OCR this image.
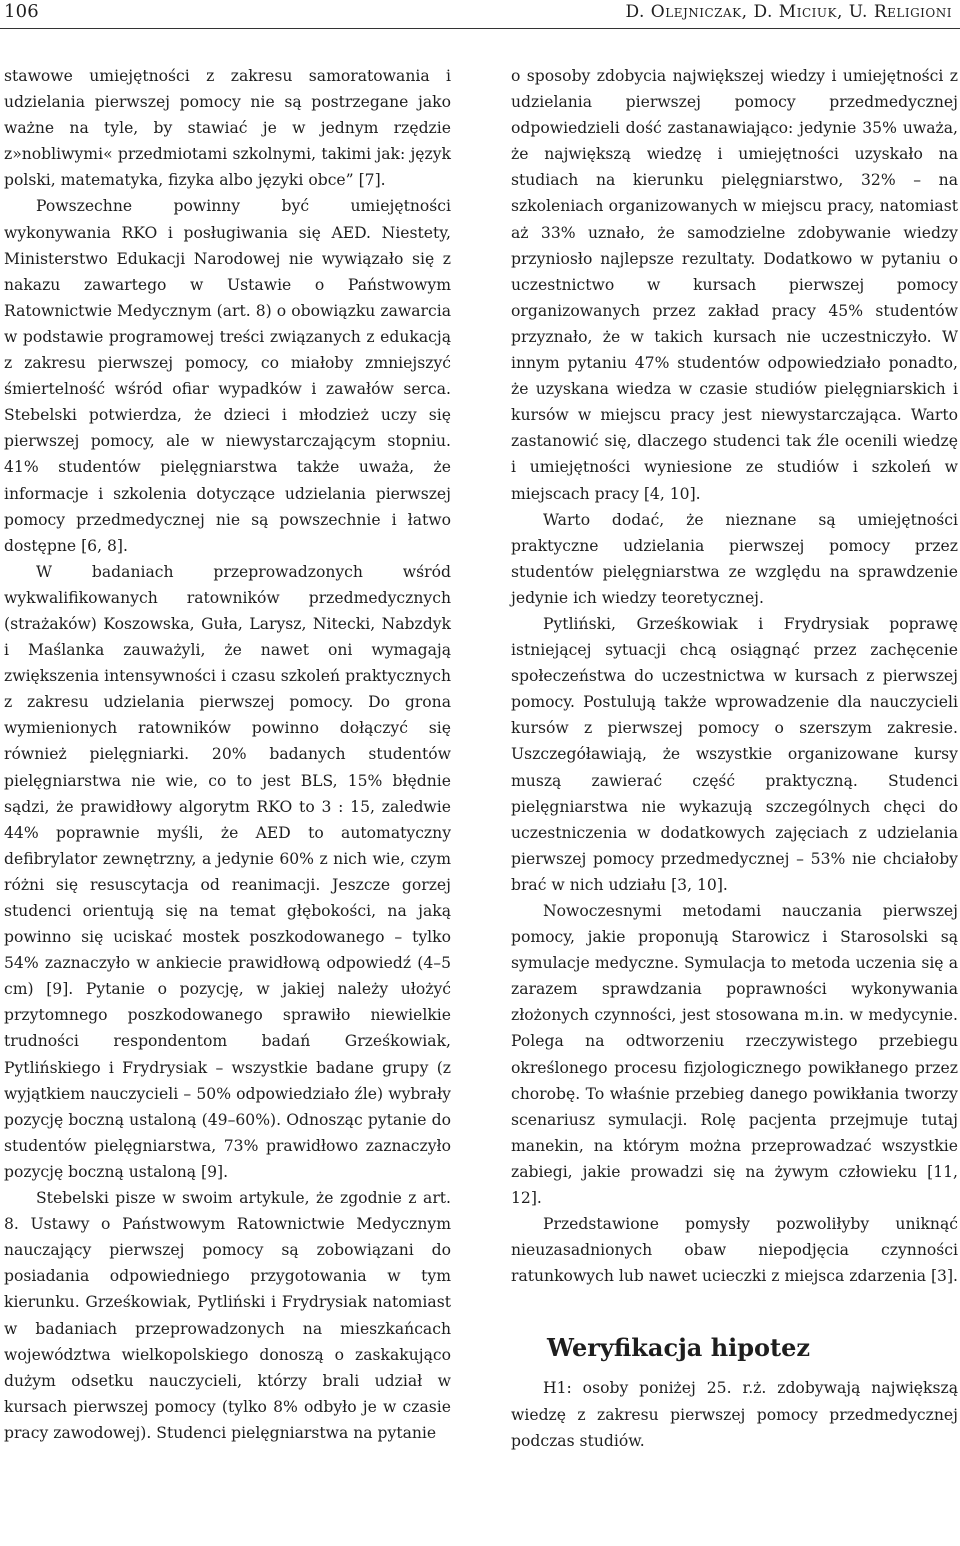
106	D. Olejniczak, D. Miciuk, U. Religioni

stawowe umiejętności z zakresu samoratowania i udzielania pierwszej pomocy nie są postrzegane jako ważne na tyle, by stawiać je w jednym rzędzie z»nobliwymi« przedmiotami szkolnymi, takimi jak: język polski, matematyka, fizyka albo języki obce” [7].

Powszechne powinny być umiejętności wykonywania RKO i posługiwania się AED. Niestety, Ministerstwo Edukacji Narodowej nie wywiązało się z nakazu zawartego w Ustawie o Państwowym Ratownictwie Medycznym (art. 8) o obowiązku zawarcia w podstawie programowej treści związanych z edukacją z zakresu pierwszej pomocy, co miałoby zmniejszyć śmiertelność wśród ofiar wypadków i zawałów serca. Stebelski potwierdza, że dzieci i młodzież uczy się pierwszej pomocy, ale w niewystarczającym stopniu. 41% studentów pielęgniarstwa także uważa, że informacje i szkolenia dotyczące udzielania pierwszej pomocy przedmedycznej nie są powszechnie i łatwo dostępne [6, 8].

W badaniach przeprowadzonych wśród wykwalifikowanych ratowników przedmedycznych (strażaków) Koszowska, Guła, Larysz, Nitecki, Nabzdyk i Maślanka zauważyli, że nawet oni wymagają zwiększenia intensywności i czasu szkoleń praktycznych z zakresu udzielania pierwszej pomocy. Do grona wymienionych ratowników powinno dołączyć się również pielęgniarki. 20% badanych studentów pielęgniarstwa nie wie, co to jest BLS, 15% błędnie sądzi, że prawidłowy algorytm RKO to 3 : 15, zaledwie 44% poprawnie myśli, że AED to automatyczny defibrylator zewnętrzny, a jedynie 60% z nich wie, czym różni się resuscytacja od reanimacji. Jeszcze gorzej studenci orientują się na temat głębokości, na jaką powinno się uciskać mostek poszkodowanego – tylko 54% zaznaczyło w ankiecie prawidłową odpowiedź (4–5 cm) [9]. Pytanie o pozycję, w jakiej należy ułożyć przytomnego poszkodowanego sprawiło niewielkie trudności respondentom badań Grześkowiak, Pytlińskiego i Frydrysiak – wszystkie badane grupy (z wyjątkiem nauczycieli – 50% odpowiedziało źle) wybrały pozycję boczną ustaloną (49–60%). Odnosząc pytanie do studentów pielęgniarstwa, 73% prawidłowo zaznaczyło pozycję boczną ustaloną [9].

Stebelski pisze w swoim artykule, że zgodnie z art. 8. Ustawy o Państwowym Ratownictwie Medycznym nauczający pierwszej pomocy są zobowiązani do posiadania odpowiedniego przygotowania w tym kierunku. Grześkowiak, Pytliński i Frydrysiak natomiast w badaniach przeprowadzonych na mieszkańcach województwa wielkopolskiego donoszą o zaskakująco dużym odsetku nauczycieli, którzy brali udział w kursach pierwszej pomocy (tylko 8% odbyło je w czasie pracy zawodowej). Studenci pielęgniarstwa na pytanie

o sposoby zdobycia największej wiedzy i umiejętności z udzielania pierwszej pomocy przedmedycznej odpowiedzieli dość zastanawiająco: jedynie 35% uważa, że największą wiedzę i umiejętności uzyskało na studiach na kierunku pielęgniarstwo, 32% – na szkoleniach organizowanych w miejscu pracy, natomiast aż 33% uznało, że samodzielne zdobywanie wiedzy przyniosło najlepsze rezultaty. Dodatkowo w pytaniu o uczestnictwo w kursach pierwszej pomocy organizowanych przez zakład pracy 45% studentów przyznało, że w takich kursach nie uczestniczyło. W innym pytaniu 47% studentów odpowiedziało ponadto, że uzyskana wiedza w czasie studiów pielęgniarskich i kursów w miejscu pracy jest niewystarczająca. Warto zastanowić się, dlaczego studenci tak źle ocenili wiedzę i umiejętności wyniesione ze studiów i szkoleń w miejscach pracy [4, 10].

Warto dodać, że nieznane są umiejętności praktyczne udzielania pierwszej pomocy przez studentów pielęgniarstwa ze względu na sprawdzenie jedynie ich wiedzy teoretycznej.

Pytliński, Grześkowiak i Frydrysiak poprawę istniejącej sytuacji chcą osiągnąć przez zachęcenie społeczeństwa do uczestnictwa w kursach z pierwszej pomocy. Postulują także wprowadzenie dla nauczycieli kursów z pierwszej pomocy o szerszym zakresie. Uszczegóławiają, że wszystkie organizowane kursy muszą zawierać część praktyczną. Studenci pielęgniarstwa nie wykazują szczególnych chęci do uczestniczenia w dodatkowych zajęciach z udzielania pierwszej pomocy przedmedycznej – 53% nie chciałoby brać w nich udziału [3, 10].

Nowoczesnymi metodami nauczania pierwszej pomocy, jakie proponują Starowicz i Starosolski są symulacje medyczne. Symulacja to metoda uczenia się a zarazem sprawdzania poprawności wykonywania złożonych czynności, jest stosowana m.in. w medycynie. Polega na odtworzeniu rzeczywistego przebiegu określonego procesu fizjologicznego powikłanego przez chorobę. To właśnie przebieg danego powikłania tworzy scenariusz symulacji. Rolę pacjenta przejmuje tutaj manekin, na którym można przeprowadzać wszystkie zabiegi, jakie prowadzi się na żywym człowieku [11, 12].

Przedstawione pomysły pozwoliłyby uniknąć nieuzasadnionych obaw niepodjęcia czynności ratunkowych lub nawet ucieczki z miejsca zdarzenia [3].

Weryfikacja hipotez

H1: osoby poniżej 25. r.ż. zdobywają największą wiedzę z zakresu pierwszej pomocy przedmedycznej podczas studiów.
